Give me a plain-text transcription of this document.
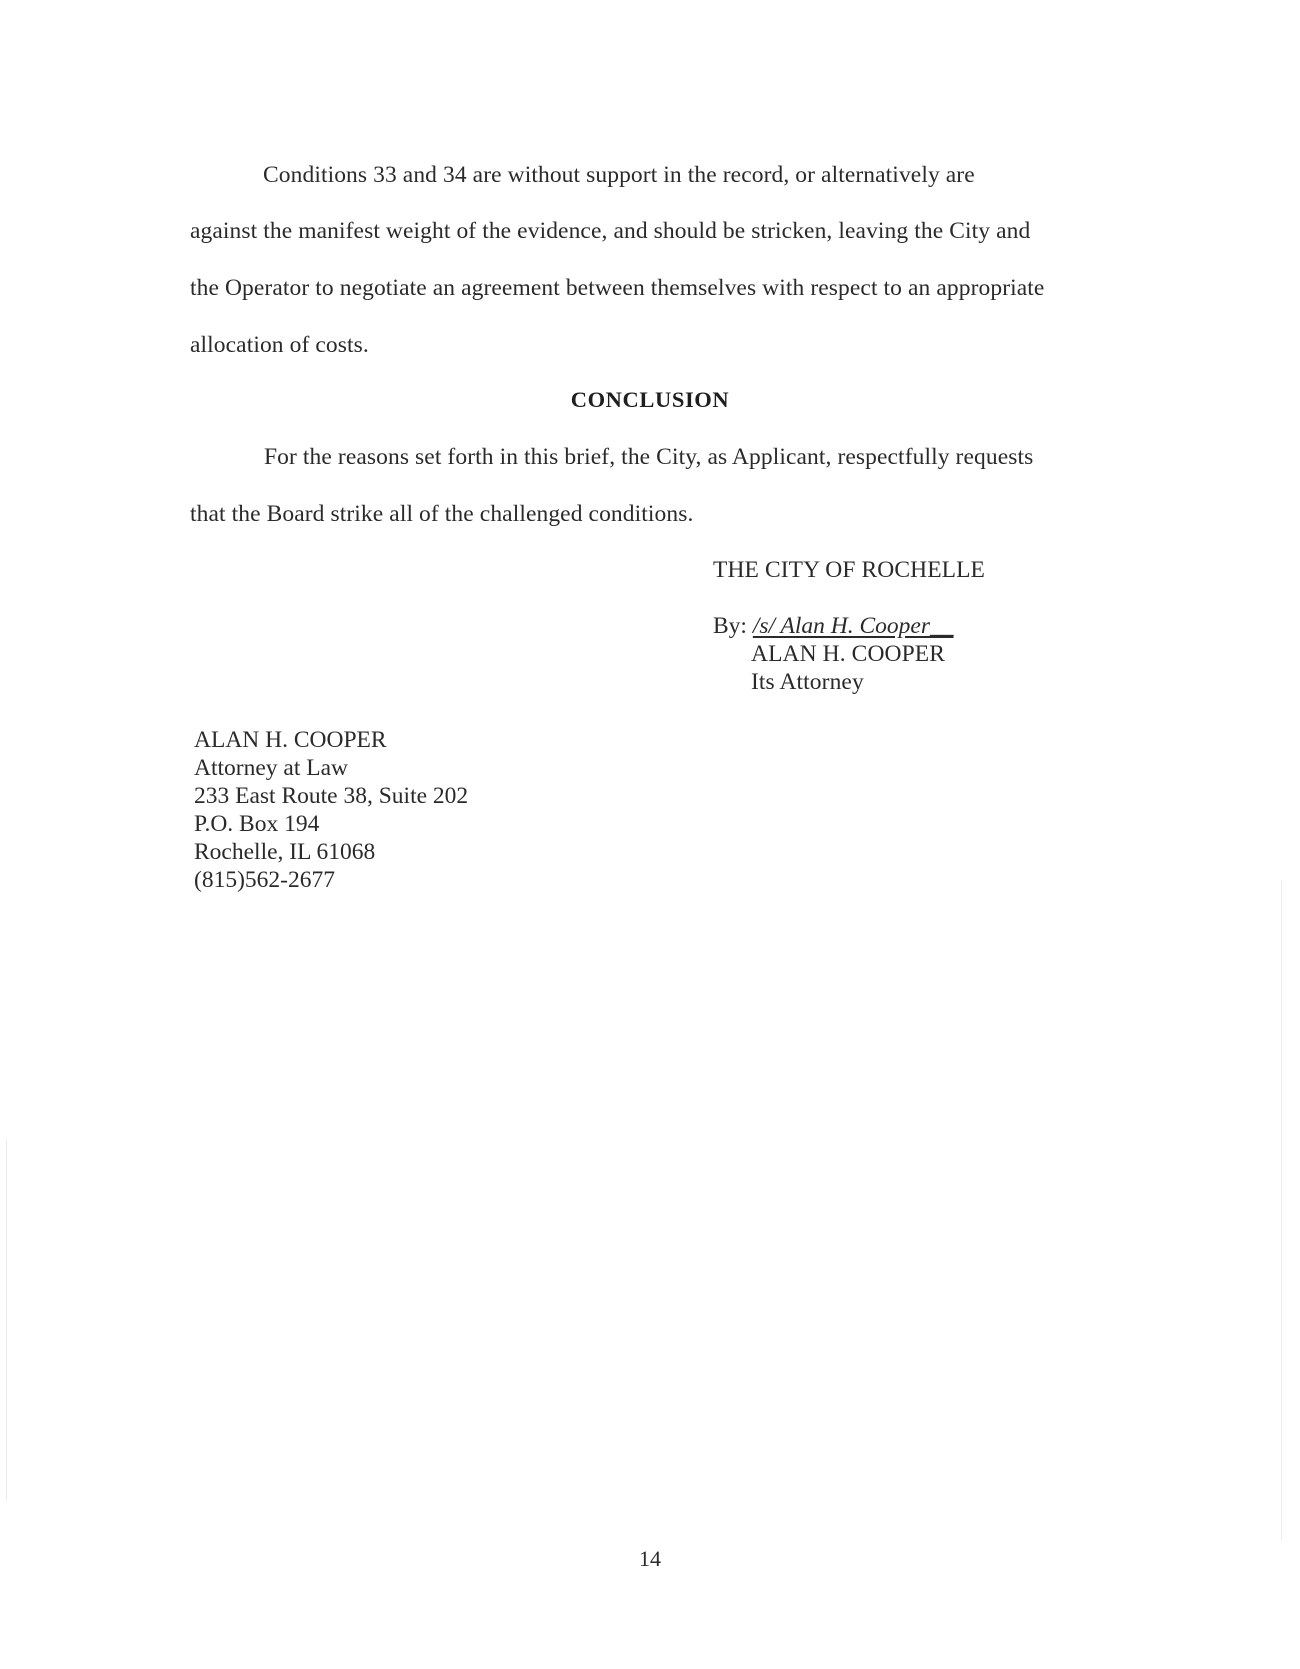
Conditions 33 and 34 are without support in the record, or alternatively are
against the manifest weight of the evidence, and should be stricken, leaving the City and
the Operator to negotiate an agreement between themselves with respect to an appropriate
allocation of costs.
CONCLUSION
For the reasons set forth in this brief, the City, as Applicant, respectfully requests
that the Board strike all of the challenged conditions.
THE CITY OF ROCHELLE
By: /s/ Alan H. Cooper__
ALAN H. COOPER
Its Attorney
ALAN H. COOPER
Attorney at Law
233 East Route 38, Suite 202
P.O. Box 194
Rochelle, IL 61068
(815)562-2677
14
